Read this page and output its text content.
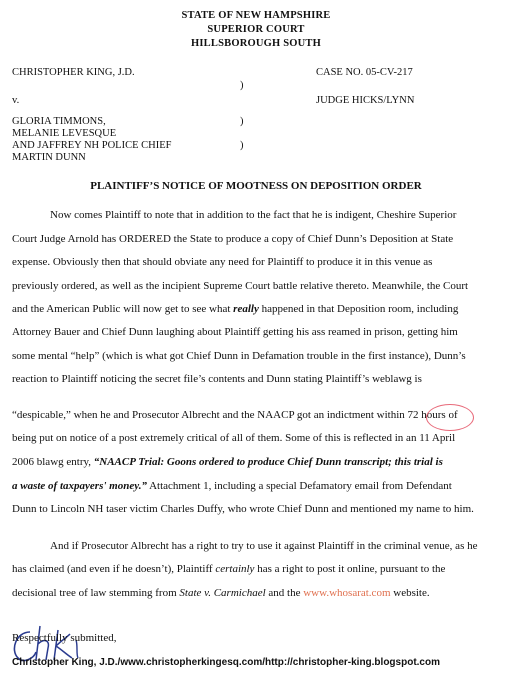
STATE OF NEW HAMPSHIRE
SUPERIOR COURT
HILLSBOROUGH SOUTH
CHRISTOPHER KING, J.D.
)
v.
CASE NO. 05-CV-217
JUDGE HICKS/LYNN
GLORIA TIMMONS,
MELANIE LEVESQUE
AND JAFFREY NH POLICE CHIEF
MARTIN DUNN
)
)
PLAINTIFF’S NOTICE OF MOOTNESS ON DEPOSITION ORDER
Now comes Plaintiff to note that in addition to the fact that he is indigent, Cheshire Superior
Court Judge Arnold has ORDERED the State to produce a copy of Chief Dunn’s Deposition at State
expense. Obviously then that should obviate any need for Plaintiff to produce it in this venue as
previously ordered, as well as the incipient Supreme Court battle relative thereto. Meanwhile, the Court
and the American Public will now get to see what really happened in that Deposition room, including
Attorney Bauer and Chief Dunn laughing about Plaintiff getting his ass reamed in prison, getting him
some mental “help” (which is what got Chief Dunn in Defamation trouble in the first instance), Dunn’s
reaction to Plaintiff noticing the secret file’s contents and Dunn stating Plaintiff’s weblawg is
“despicable,” when he and Prosecutor Albrecht and the NAACP got an indictment within 72 hours of
being put on notice of a post extremely critical of all of them. Some of this is reflected in an 11 April
2006 blawg entry, “NAACP Trial: Goons ordered to produce Chief Dunn transcript; this trial is
a waste of taxpayers' money.” Attachment 1, including a special Defamatory email from Defendant
Dunn to Lincoln NH taser victim Charles Duffy, who wrote Chief Dunn and mentioned my name to him.
And if Prosecutor Albrecht has a right to try to use it against Plaintiff in the criminal venue, as he
has claimed (and even if he doesn’t), Plaintiff certainly has a right to post it online, pursuant to the
decisional tree of law stemming from State v. Carmichael and the www.whosarat.com website.
Respectfully submitted,
Christopher King, J.D./www.christopherkingesq.com/http://christopher-king.blogspot.com
